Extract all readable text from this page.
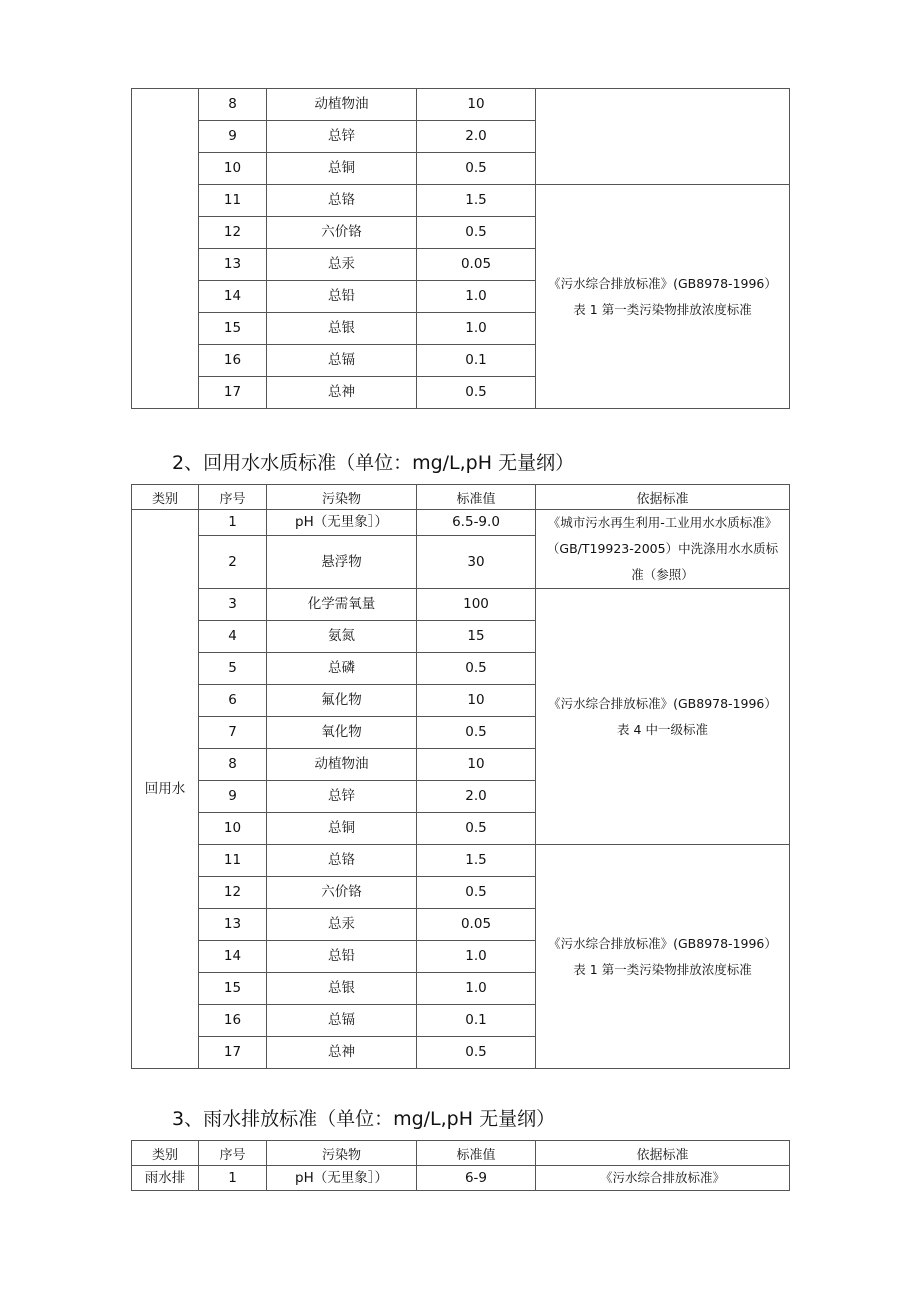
	8	动植物油	10	
	9	总锌	2.0	
	10	总铜	0.5	
	11	总铬	1.5	《污水综合排放标准》(GB8978-1996）表 1 第一类污染物排放浓度标准
	12	六价铬	0.5	
	13	总汞	0.05	
	14	总铅	1.0	
	15	总银	1.0	
	16	总镉	0.1	
	17	总神	0.5	
2、回用水水质标准（单位：mg/L,pH 无量纲）
类别	序号	污染物	标准值	依据标准
回用水	1	pH（无里象］）	6.5-9.0	《城市污水再生利用-工业用水水质标准》（GB/T19923-2005）中洗涤用水水质标准（参照）
	2	悬浮物	30	
	3	化学需氧量	100	《污水综合排放标准》(GB8978-1996）表 4 中一级标准
	4	氨氮	15	
	5	总磷	0.5	
	6	氟化物	10	
	7	氧化物	0.5	
	8	动植物油	10	
	9	总锌	2.0	
	10	总铜	0.5	
	11	总铬	1.5	《污水综合排放标准》(GB8978-1996）表 1 第一类污染物排放浓度标准
	12	六价铬	0.5	
	13	总汞	0.05	
	14	总铅	1.0	
	15	总银	1.0	
	16	总镉	0.1	
	17	总神	0.5	
3、雨水排放标准（单位：mg/L,pH 无量纲）
类别	序号	污染物	标准值	依据标准
雨水排	1	pH（无里象］）	6-9	《污水综合排放标准》
